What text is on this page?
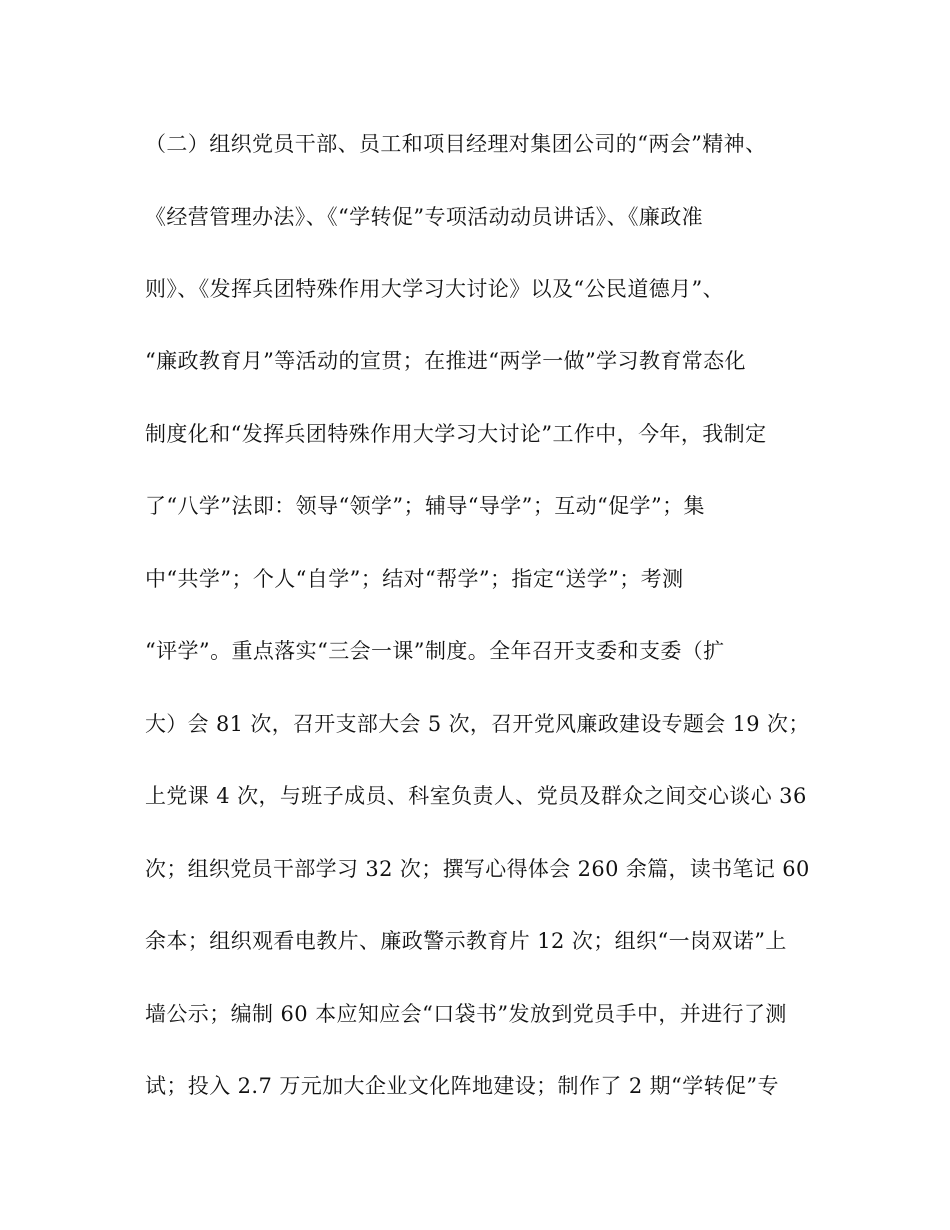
（二）组织党员干部、员工和项目经理对集团公司的“两会”精神、
《经营管理办法》、《“学转促”专项活动动员讲话》、《廉政准
则》、《发挥兵团特殊作用大学习大讨论》以及“公民道德月”、
“廉政教育月”等活动的宣贯；在推进“两学一做”学习教育常态化
制度化和“发挥兵团特殊作用大学习大讨论”工作中，今年，我制定
了“八学”法即：领导“领学”；辅导“导学”；互动“促学”；集
中“共学”；个人“自学”；结对“帮学”；指定“送学”；考测
“评学”。重点落实“三会一课”制度。全年召开支委和支委（扩
大）会 81 次，召开支部大会 5 次，召开党风廉政建设专题会 19 次；
上党课 4 次，与班子成员、科室负责人、党员及群众之间交心谈心 36
次；组织党员干部学习 32 次；撰写心得体会 260 余篇，读书笔记 60
余本；组织观看电教片、廉政警示教育片 12 次；组织“一岗双诺”上
墙公示；编制 60 本应知应会“口袋书”发放到党员手中，并进行了测
试；投入 2.7 万元加大企业文化阵地建设；制作了 2 期“学转促”专
